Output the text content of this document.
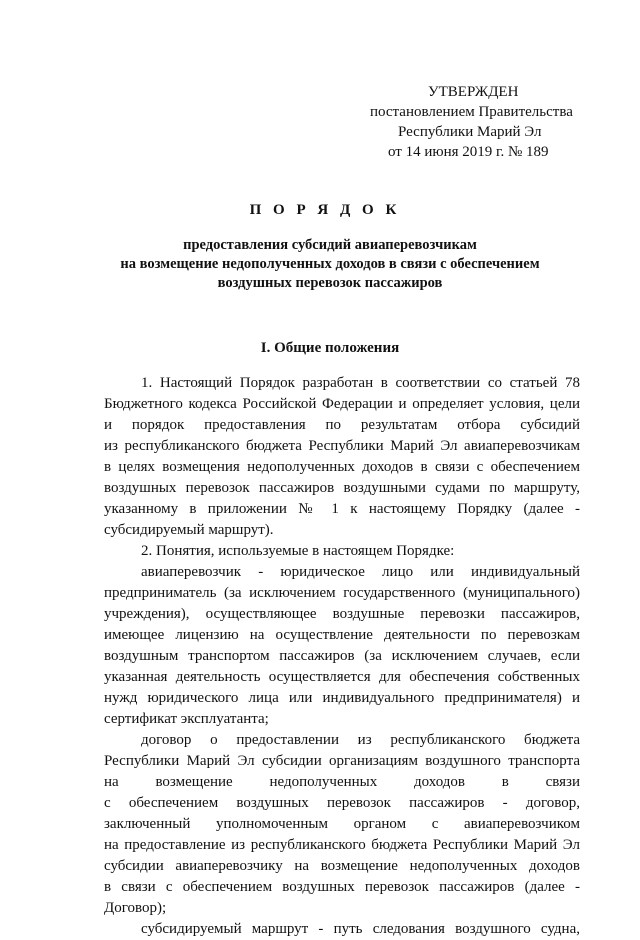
УТВЕРЖДЕН
постановлением Правительства
Республики Марий Эл
от 14 июня 2019 г. № 189
П О Р Я Д О К
предоставления субсидий авиаперевозчикам
на возмещение недополученных доходов в связи с обеспечением
воздушных перевозок пассажиров
I. Общие положения
1. Настоящий Порядок разработан в соответствии со статьей 78
Бюджетного кодекса Российской Федерации и определяет условия, цели
и порядок предоставления по результатам отбора субсидий
из республиканского бюджета Республики Марий Эл авиаперевозчикам
в целях возмещения недополученных доходов в связи с обеспечением
воздушных перевозок пассажиров воздушными судами по маршруту,
указанному в приложении № 1 к настоящему Порядку (далее -
субсидируемый маршрут).
2. Понятия, используемые в настоящем Порядке:
авиаперевозчик - юридическое лицо или индивидуальный
предприниматель (за исключением государственного (муниципального)
учреждения), осуществляющее воздушные перевозки пассажиров,
имеющее лицензию на осуществление деятельности по перевозкам
воздушным транспортом пассажиров (за исключением случаев, если
указанная деятельность осуществляется для обеспечения собственных
нужд юридического лица или индивидуального предпринимателя) и
сертификат эксплуатанта;
договор о предоставлении из республиканского бюджета
Республики Марий Эл субсидии организациям воздушного транспорта
на возмещение недополученных доходов в связи
с обеспечением воздушных перевозок пассажиров - договор,
заключенный уполномоченным органом с авиаперевозчиком
на предоставление из республиканского бюджета Республики Марий Эл
субсидии авиаперевозчику на возмещение недополученных доходов
в связи с обеспечением воздушных перевозок пассажиров (далее -
Договор);
субсидируемый маршрут - путь следования воздушного судна,
